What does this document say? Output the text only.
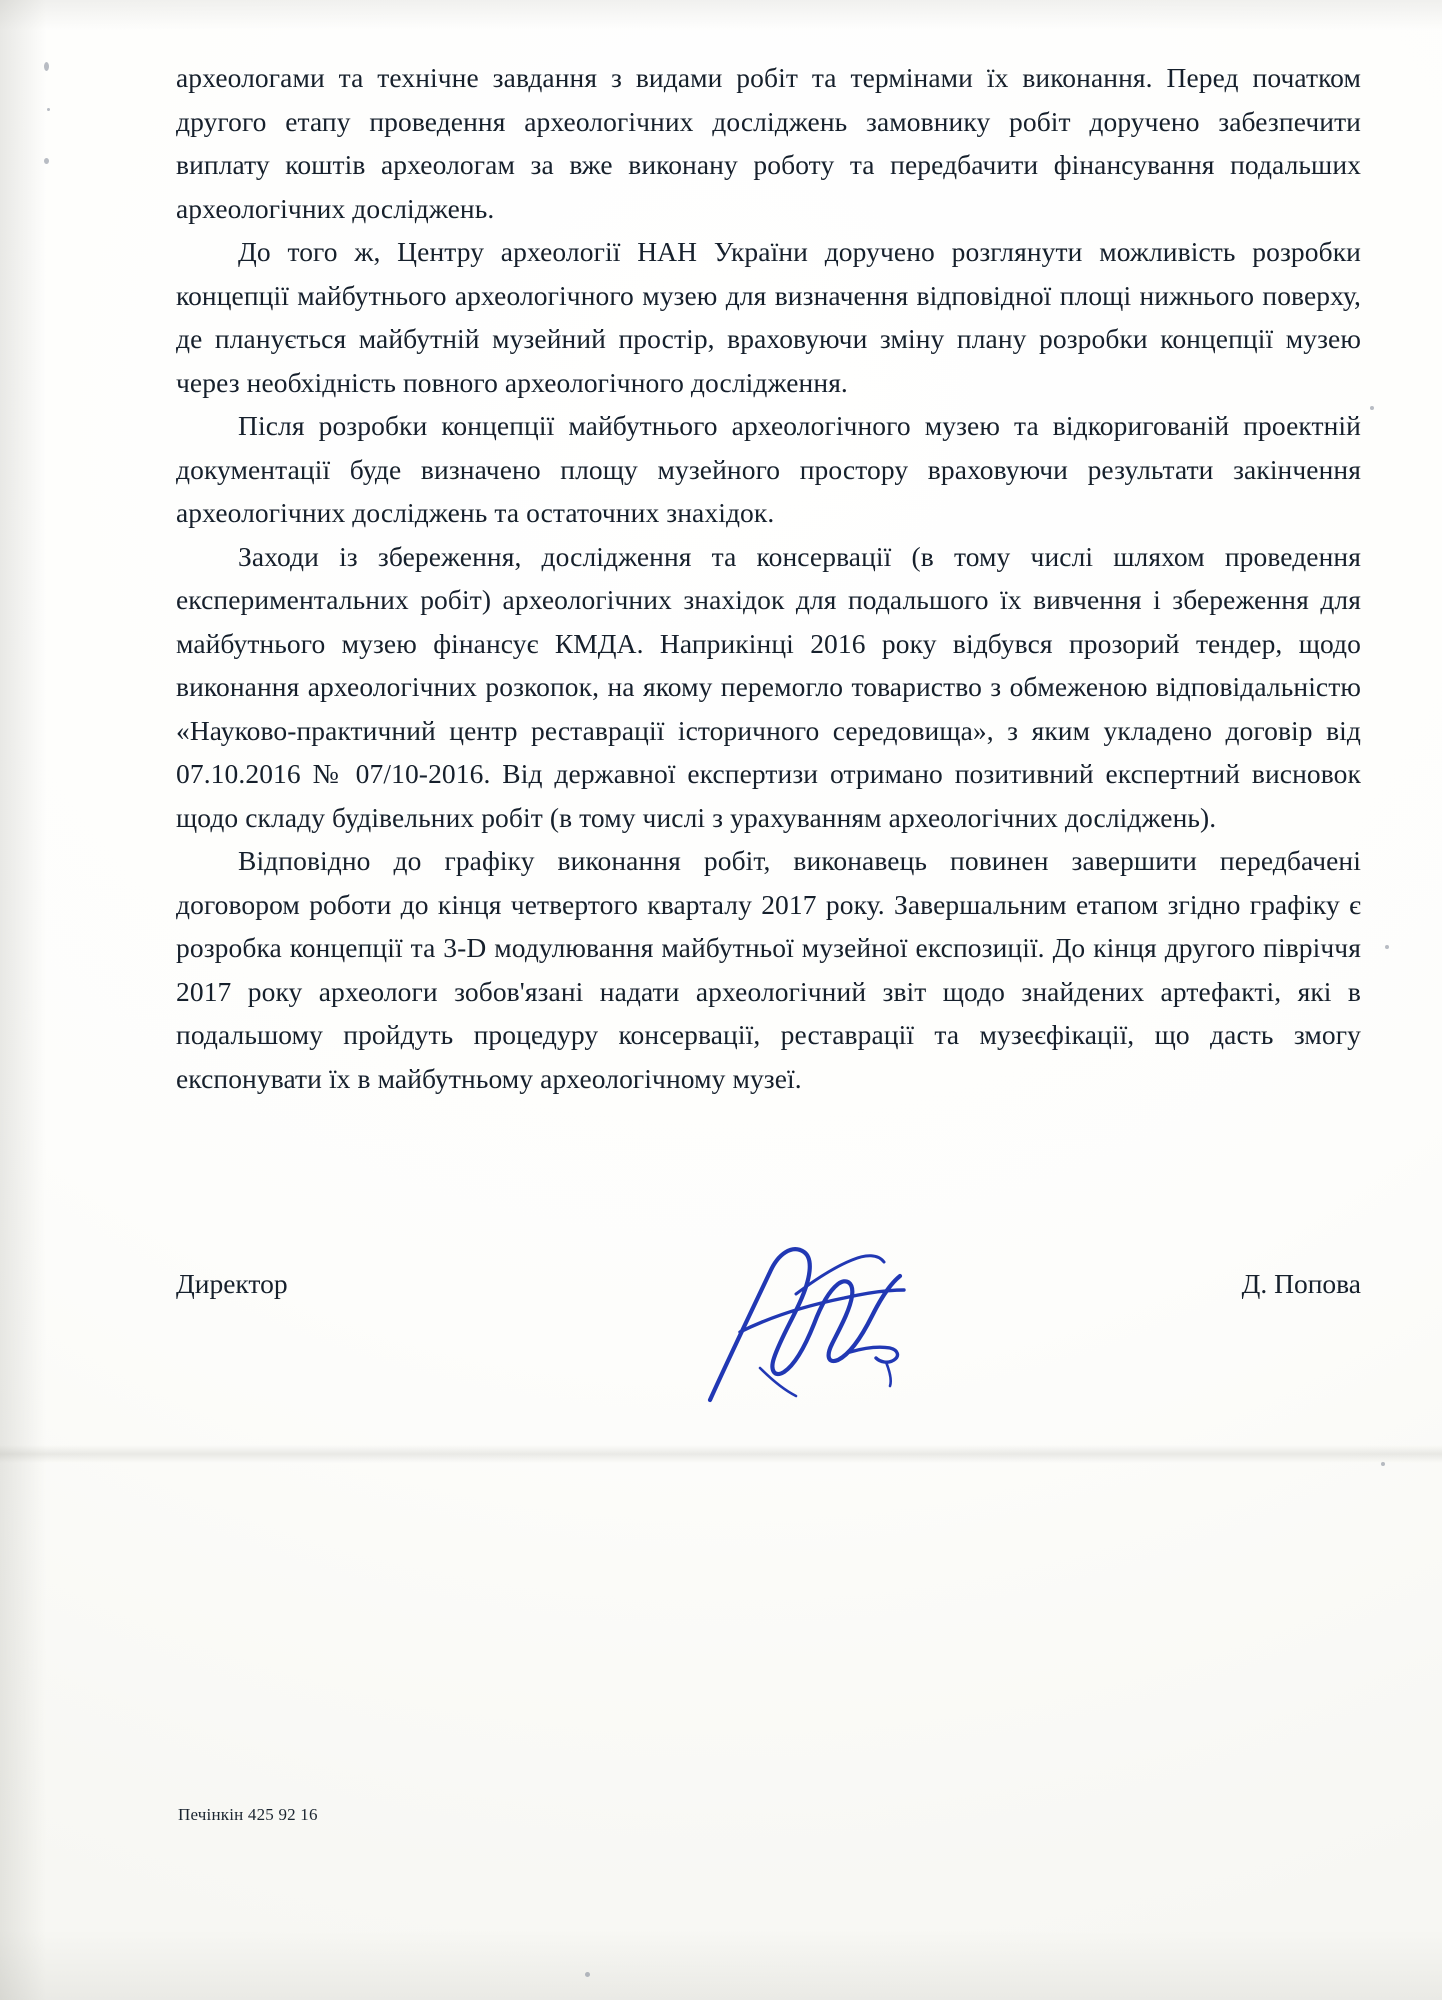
археологами та технічне завдання з видами робіт та термінами їх виконання. Перед початком другого етапу проведення археологічних досліджень замовнику робіт доручено забезпечити виплату коштів археологам за вже виконану роботу та передбачити фінансування подальших археологічних досліджень.

До того ж, Центру археології НАН України доручено розглянути можливість розробки концепції майбутнього археологічного музею для визначення відповідної площі нижнього поверху, де планується майбутній музейний простір, враховуючи зміну плану розробки концепції музею через необхідність повного археологічного дослідження.

Після розробки концепції майбутнього археологічного музею та відкоригованій проектній документації буде визначено площу музейного простору враховуючи результати закінчення археологічних досліджень та остаточних знахідок.

Заходи із збереження, дослідження та консервації (в тому числі шляхом проведення експериментальних робіт) археологічних знахідок для подальшого їх вивчення і збереження для майбутнього музею фінансує КМДА. Наприкінці 2016 року відбувся прозорий тендер, щодо виконання археологічних розкопок, на якому перемогло товариство з обмеженою відповідальністю «Науково-практичний центр реставрації історичного середовища», з яким укладено договір від 07.10.2016 № 07/10-2016. Від державної експертизи отримано позитивний експертний висновок щодо складу будівельних робіт (в тому числі з урахуванням археологічних досліджень).

Відповідно до графіку виконання робіт, виконавець повинен завершити передбачені договором роботи до кінця четвертого кварталу 2017 року. Завершальним етапом згідно графіку є розробка концепції та 3-D модулювання майбутньої музейної експозиції. До кінця другого півріччя 2017 року археологи зобов'язані надати археологічний звіт щодо знайдених артефакті, які в подальшому пройдуть процедуру консервації, реставрації та музеєфікації, що дасть змогу експонувати їх в майбутньому археологічному музеї.

Директор	Д. Попова
Печінкін 425 92 16
